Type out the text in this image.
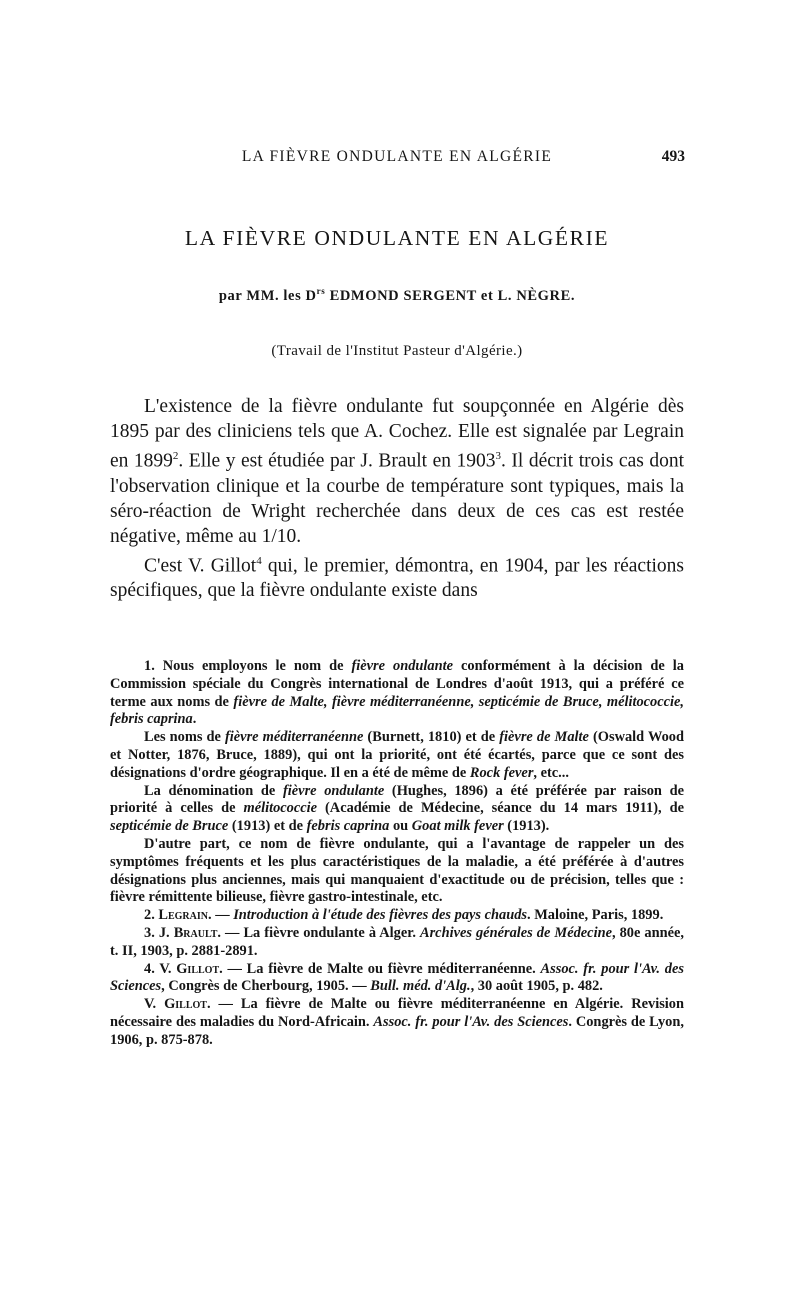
LA FIÈVRE ONDULANTE EN ALGÉRIE	493
LA FIÈVRE ONDULANTE EN ALGÉRIE
par MM. les $D^{rs}$ EDMOND SERGENT et L. NÈGRE.
(Travail de l'Institut Pasteur d'Algérie.)

L'existence de la fièvre ondulante fut soupçonnée en Algérie dès 1895 par des cliniciens tels que A. Cochez. Elle est signalée par Legrain en 1899$^2$. Elle y est étudiée par J. Brault en 1903$^3$. Il décrit trois cas dont l'observation clinique et la courbe de température sont typiques, mais la séro-réaction de Wright recherchée dans deux de ces cas est restée négative, même au 1/10.

C'est V. Gillot$^4$ qui, le premier, démontra, en 1904, par les réactions spécifiques, que la fièvre ondulante existe dans

1. Nous employons le nom de fièvre ondulante conformément à la décision de la Commission spéciale du Congrès international de Londres d'août 1913, qui a préféré ce terme aux noms de fièvre de Malte, fièvre méditerranéenne, septicémie de Bruce, mélitococcie, febris caprina.

Les noms de fièvre méditerranéenne (Burnett, 1810) et de fièvre de Malte (Oswald Wood et Notter, 1876, Bruce, 1889), qui ont la priorité, ont été écartés, parce que ce sont des désignations d'ordre géographique. Il en a été de même de Rock fever, etc...

La dénomination de fièvre ondulante (Hughes, 1896) a été préférée par raison de priorité à celles de mélitococcie (Académie de Médecine, séance du 14 mars 1911), de septicémie de Bruce (1913) et de febris caprina ou Goat milk fever (1913).

D'autre part, ce nom de fièvre ondulante, qui a l'avantage de rappeler un des symptômes fréquents et les plus caractéristiques de la maladie, a été préférée à d'autres désignations plus anciennes, mais qui manquaient d'exactitude ou de précision, telles que : fièvre rémittente bilieuse, fièvre gastro-intestinale, etc.

2. Legrain. — Introduction à l'étude des fièvres des pays chauds. Maloine, Paris, 1899.

3. J. Brault. — La fièvre ondulante à Alger. Archives générales de Médecine, 80e année, t. II, 1903, p. 2881-2891.

4. V. Gillot. — La fièvre de Malte ou fièvre méditerranéenne. Assoc. fr. pour l'Av. des Sciences, Congrès de Cherbourg, 1905. — Bull. méd. d'Alg., 30 août 1905, p. 482.

V. Gillot. — La fièvre de Malte ou fièvre méditerranéenne en Algérie. Revision nécessaire des maladies du Nord-Africain. Assoc. fr. pour l'Av. des Sciences. Congrès de Lyon, 1906, p. 875-878.
